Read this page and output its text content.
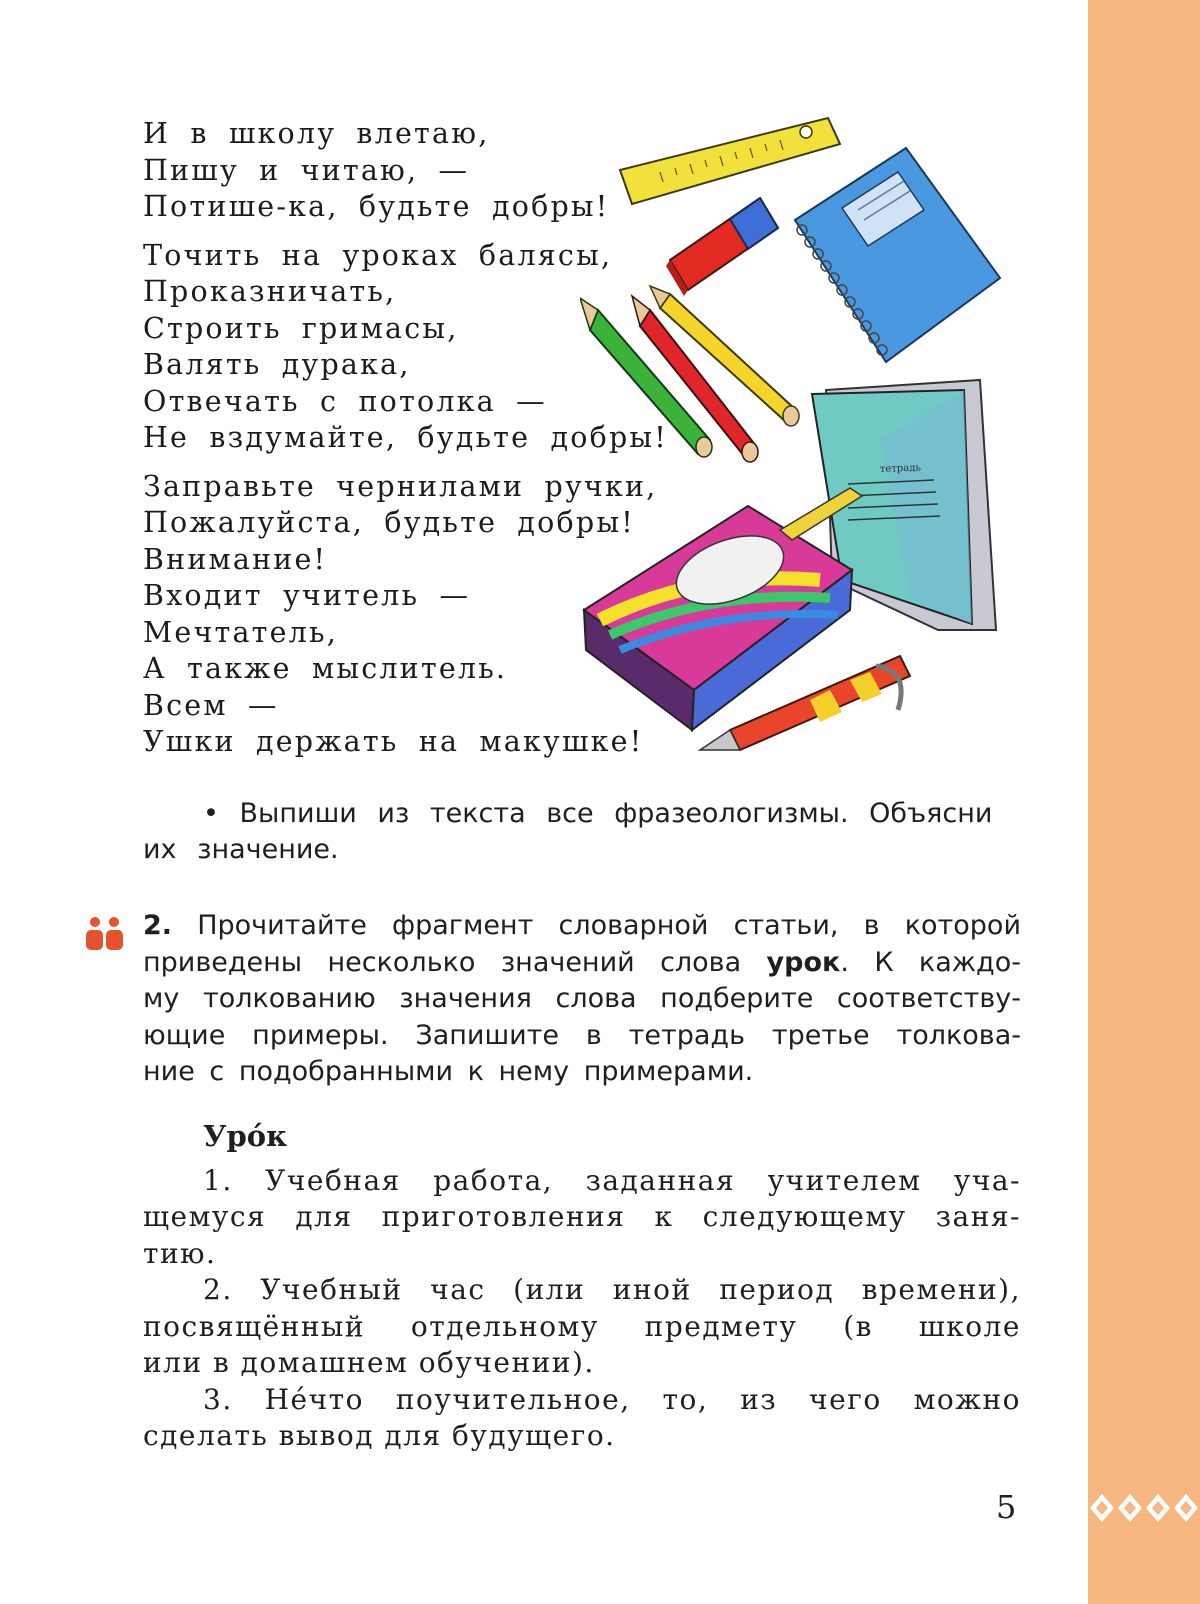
И в школу влетаю,
Пишу и читаю, —
Потише-ка, будьте добры!
Точить на уроках балясы,
Проказничать,
Строить гримасы,
Валять дурака,
Отвечать с потолка —
Не вздумайте, будьте добры!
Заправьте чернилами ручки,
Пожалуйста, будьте добры!
Внимание!
Входит учитель —
Мечтатель,
А также мыслитель.
Всем —
Ушки держать на макушке!
тетрадь
• Выпиши из текста все фразеологизмы. Объясни
их значение.
2. Прочитайте фрагмент словарной статьи, в которой
приведены несколько значений слова урок. К каждо-
му толкованию значения слова подберите соответству-
ющие примеры. Запишите в тетрадь третье толкова-
ние с подобранными к нему примерами.
Уро́к
1. Учебная работа, заданная учителем уча-
щемуся для приготовления к следующему заня-
тию.
2. Учебный час (или иной период времени),
посвящённый отдельному предмету (в школе
или в домашнем обучении).
3. Не́что поучительное, то, из чего можно
сделать вывод для будущего.
5
